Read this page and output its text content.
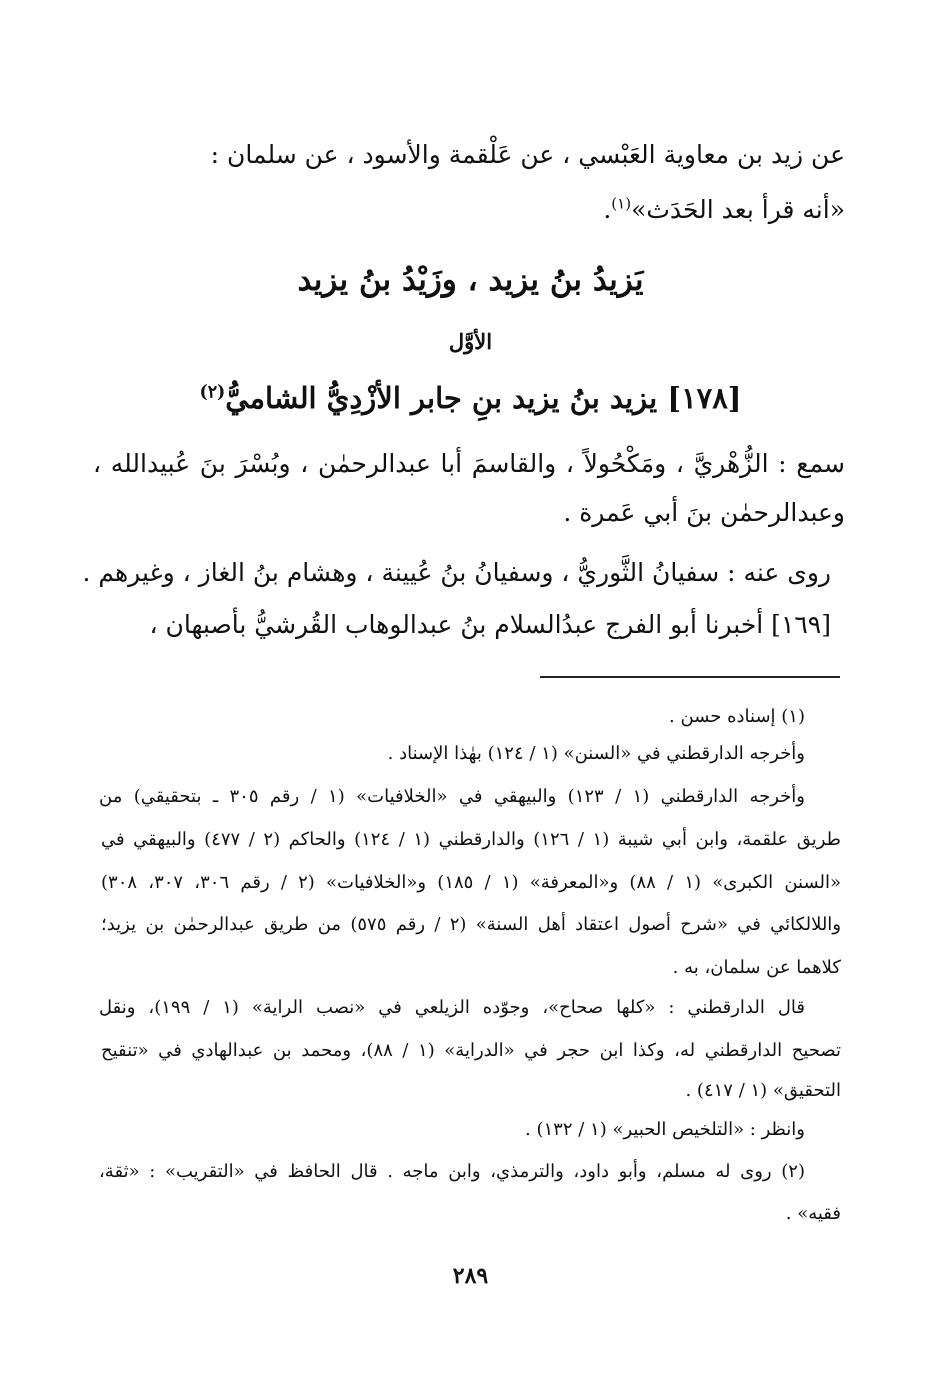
عن زيد بن معاوية العَبْسي ، عن عَلْقمة والأسود ، عن سلمان :
«أنه قرأ بعد الحَدَث»$^{(١)}$.
يَزيدُ بنُ يزيد ، وزَيْدُ بنُ يزيد
الأوَّل
[١٧٨] يزيد بنُ يزيد بنِ جابر الأزْدِيُّ الشاميُّ$^{(٢)}$
سمع : الزُّهْريَّ ، ومَكْحُولاً ، والقاسمَ أبا عبدالرحمٰن ، وبُسْرَ بنَ عُبيدالله ،
وعبدالرحمٰن بنَ أبي عَمرة .
روى عنه : سفيانُ الثَّوريُّ ، وسفيانُ بنُ عُيينة ، وهشام بنُ الغاز ، وغيرهم .
[١٦٩] أخبرنا أبو الفرج عبدُالسلام بنُ عبدالوهاب القُرشيُّ بأصبهان ،
(١) إسناده حسن .
وأخرجه الدارقطني في «السنن» (١ / ١٢٤) بهٰذا الإسناد .
وأخرجه الدارقطني (١ / ١٢٣) والبيهقي في «الخلافيات» (١ / رقم ٣٠٥ ـ بتحقيقي) من
طريق علقمة، وابن أبي شيبة (١ / ١٢٦) والدارقطني (١ / ١٢٤) والحاكم (٢ / ٤٧٧) والبيهقي في
«السنن الكبرى» (١ / ٨٨) و«المعرفة» (١ / ١٨٥) و«الخلافيات» (٢ / رقم ٣٠٦، ٣٠٧، ٣٠٨)
واللالكائي في «شرح أصول اعتقاد أهل السنة» (٢ / رقم ٥٧٥) من طريق عبدالرحمٰن بن يزيد؛
كلاهما عن سلمان، به .
قال الدارقطني : «كلها صحاح»، وجوّده الزيلعي في «نصب الراية» (١ / ١٩٩)، ونقل
تصحيح الدارقطني له، وكذا ابن حجر في «الدراية» (١ / ٨٨)، ومحمد بن عبدالهادي في «تنقيح
التحقيق» (١ / ٤١٧) .
وانظر : «التلخيص الحبير» (١ / ١٣٢) .
(٢) روى له مسلم، وأبو داود، والترمذي، وابن ماجه . قال الحافظ في «التقريب» : «ثقة،
فقيه» .
٢٨٩
